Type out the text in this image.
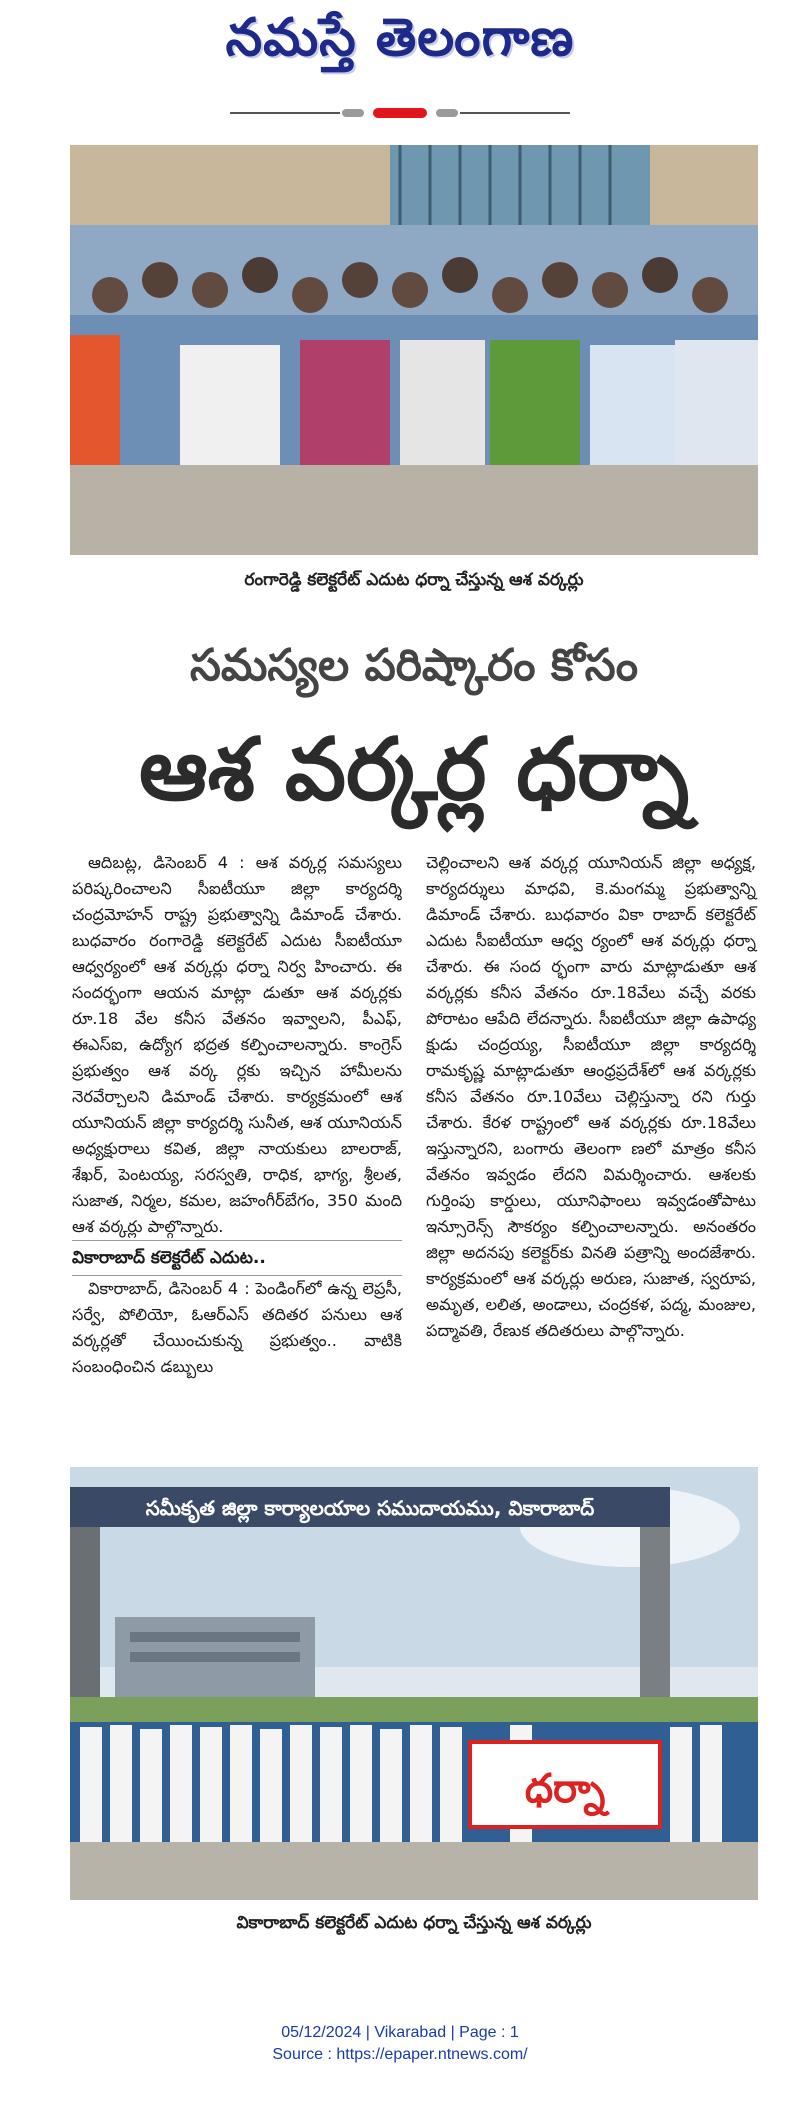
నమస్తే తెలంగాణ
రంగారెడ్డి కలెక్టరేట్ ఎదుట ధర్నా చేస్తున్న ఆశ వర్కర్లు
సమస్యల పరిష్కారం కోసం
ఆశ వర్కర్ల ధర్నా

ఆదిబట్ల, డిసెంబర్ 4 : ఆశ వర్కర్ల సమస్యలు పరిష్కరించాలని సీఐటీయూ జిల్లా కార్యదర్శి చంద్రమోహన్ రాష్ట్ర ప్రభుత్వాన్ని డిమాండ్ చేశారు. బుధవారం రంగారెడ్డి కలెక్టరేట్ ఎదుట సీఐటీయూ ఆధ్వర్యంలో ఆశ వర్కర్లు ధర్నా నిర్వ హించారు. ఈ సందర్భంగా ఆయన మాట్లా డుతూ ఆశ వర్కర్లకు రూ.18 వేల కనీస వేతనం ఇవ్వాలని, పీఎఫ్, ఈఎస్ఐ, ఉద్యోగ భద్రత కల్పించాలన్నారు. కాంగ్రెస్ ప్రభుత్వం ఆశ వర్క ర్లకు ఇచ్చిన హామీలను నెరవేర్చాలని డిమాండ్ చేశారు. కార్యక్రమంలో ఆశ యూనియన్ జిల్లా కార్యదర్శి సునీత, ఆశ యూనియన్ అధ్యక్షురాలు కవిత, జిల్లా నాయకులు బాలరాజ్, శేఖర్, పెంటయ్య, సరస్వతి, రాధిక, భాగ్య, శ్రీలత, సుజాత, నిర్మల, కమల, జహంగీర్‌బేగం, 350 మంది ఆశ వర్కర్లు పాల్గొన్నారు.

వికారాబాద్ కలెక్టరేట్ ఎదుట..

వికారాబాద్, డిసెంబర్ 4 : పెండింగ్‌లో ఉన్న లెప్రసీ, సర్వే, పోలియో, ఓఆర్ఎస్ తదితర పనులు ఆశ వర్కర్లతో చేయించుకున్న ప్రభుత్వం.. వాటికి సంబంధించిన డబ్బులు

చెల్లించాలని ఆశ వర్కర్ల యూనియన్ జిల్లా అధ్యక్ష, కార్యదర్శులు మాధవి, కె.మంగమ్మ ప్రభుత్వాన్ని డిమాండ్ చేశారు. బుధవారం వికా రాబాద్ కలెక్టరేట్ ఎదుట సీఐటీయూ ఆధ్వ ర్యంలో ఆశ వర్కర్లు ధర్నా చేశారు. ఈ సంద ర్భంగా వారు మాట్లాడుతూ ఆశ వర్కర్లకు కనీస వేతనం రూ.18వేలు వచ్చే వరకు పోరాటం ఆపేది లేదన్నారు. సీఐటీయూ జిల్లా ఉపాధ్య క్షుడు చంద్రయ్య, సీఐటీయూ జిల్లా కార్యదర్శి రామకృష్ణ మాట్లాడుతూ ఆంధ్రప్రదేశ్‌లో ఆశ వర్కర్లకు కనీస వేతనం రూ.10వేలు చెల్లిస్తున్నా రని గుర్తు చేశారు. కేరళ రాష్ట్రంలో ఆశ వర్కర్లకు రూ.18వేలు ఇస్తున్నారని, బంగారు తెలంగా ణలో మాత్రం కనీస వేతనం ఇవ్వడం లేదని విమర్శించారు. ఆశలకు గుర్తింపు కార్డులు, యూనిఫాంలు ఇవ్వడంతోపాటు ఇన్సూరెన్స్ సౌకర్యం కల్పించాలన్నారు. అనంతరం జిల్లా అదనపు కలెక్టర్‌కు వినతి పత్రాన్ని అందజేశారు. కార్యక్రమంలో ఆశ వర్కర్లు అరుణ, సుజాత, స్వరూప, అమృత, లలిత, అండాలు, చంద్రకళ, పద్మ, మంజుల, పద్మావతి, రేణుక తదితరులు పాల్గొన్నారు.

సమీకృత జిల్లా కార్యాలయాల సముదాయము, వికారాబాద్
ధర్నా
వికారాబాద్ కలెక్టరేట్ ఎదుట ధర్నా చేస్తున్న ఆశ వర్కర్లు
05/12/2024 | Vikarabad | Page : 1
Source : https://epaper.ntnews.com/
